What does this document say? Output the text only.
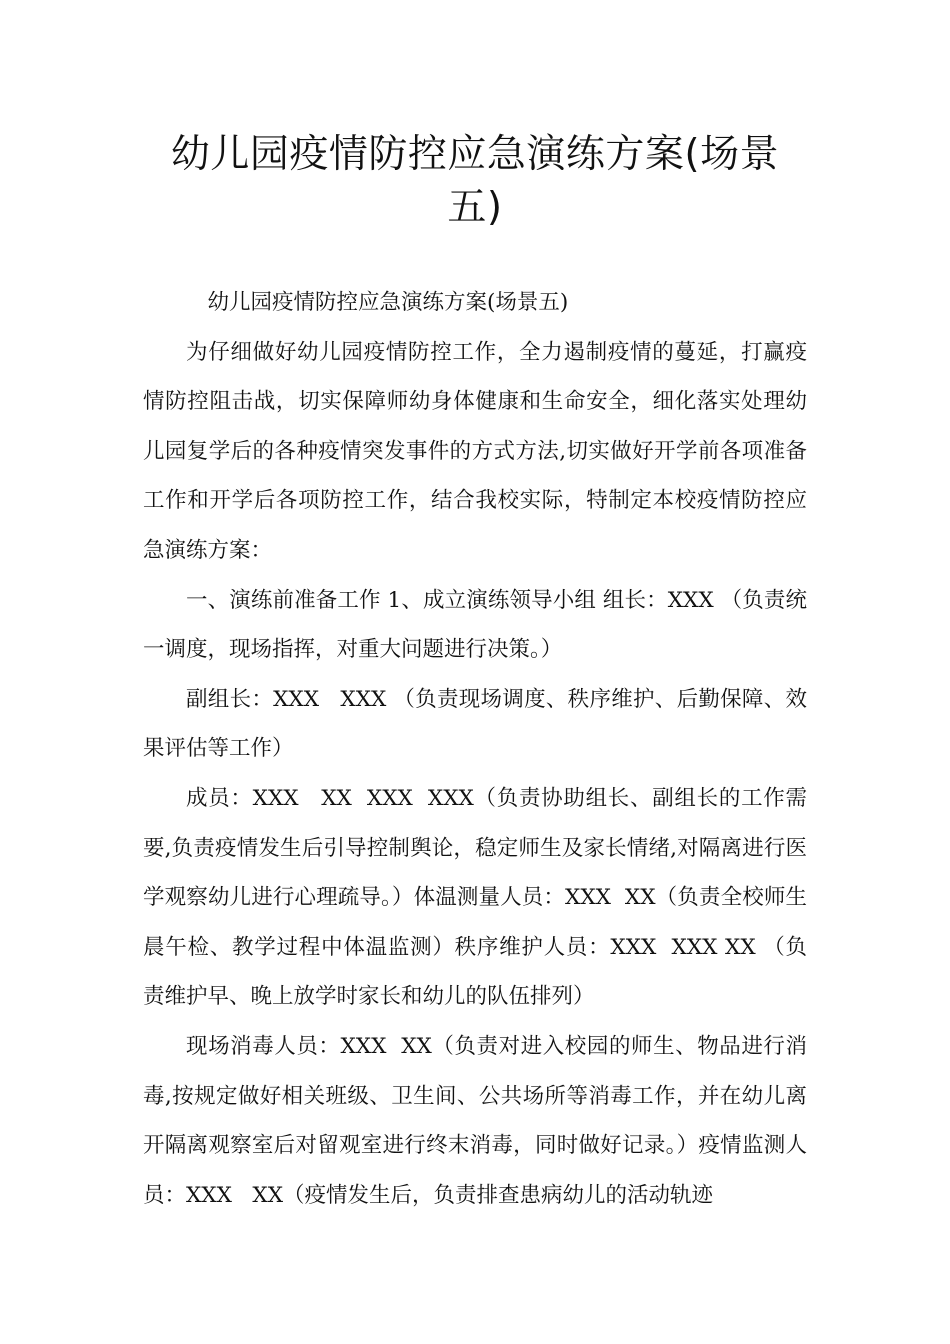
幼儿园疫情防控应急演练方案(场景五)

幼儿园疫情防控应急演练方案(场景五)

为仔细做好幼儿园疫情防控工作，全力遏制疫情的蔓延，打赢疫情防控阻击战，切实保障师幼身体健康和生命安全，细化落实处理幼儿园复学后的各种疫情突发事件的方式方法,切实做好开学前各项准备工作和开学后各项防控工作，结合我校实际，特制定本校疫情防控应急演练方案：

一、演练前准备工作 1、成立演练领导小组 组长：XXX （负责统一调度，现场指挥，对重大问题进行决策。）

副组长：XXX   XXX （负责现场调度、秩序维护、后勤保障、效果评估等工作）

成员：XXX   XX  XXX  XXX（负责协助组长、副组长的工作需要,负责疫情发生后引导控制舆论，稳定师生及家长情绪,对隔离进行医学观察幼儿进行心理疏导。）体温测量人员：XXX  XX（负责全校师生晨午检、教学过程中体温监测）秩序维护人员：XXX  XXX XX （负责维护早、晚上放学时家长和幼儿的队伍排列）

现场消毒人员：XXX  XX（负责对进入校园的师生、物品进行消毒,按规定做好相关班级、卫生间、公共场所等消毒工作，并在幼儿离开隔离观察室后对留观室进行终末消毒，同时做好记录。）疫情监测人员：XXX   XX（疫情发生后，负责排查患病幼儿的活动轨迹
